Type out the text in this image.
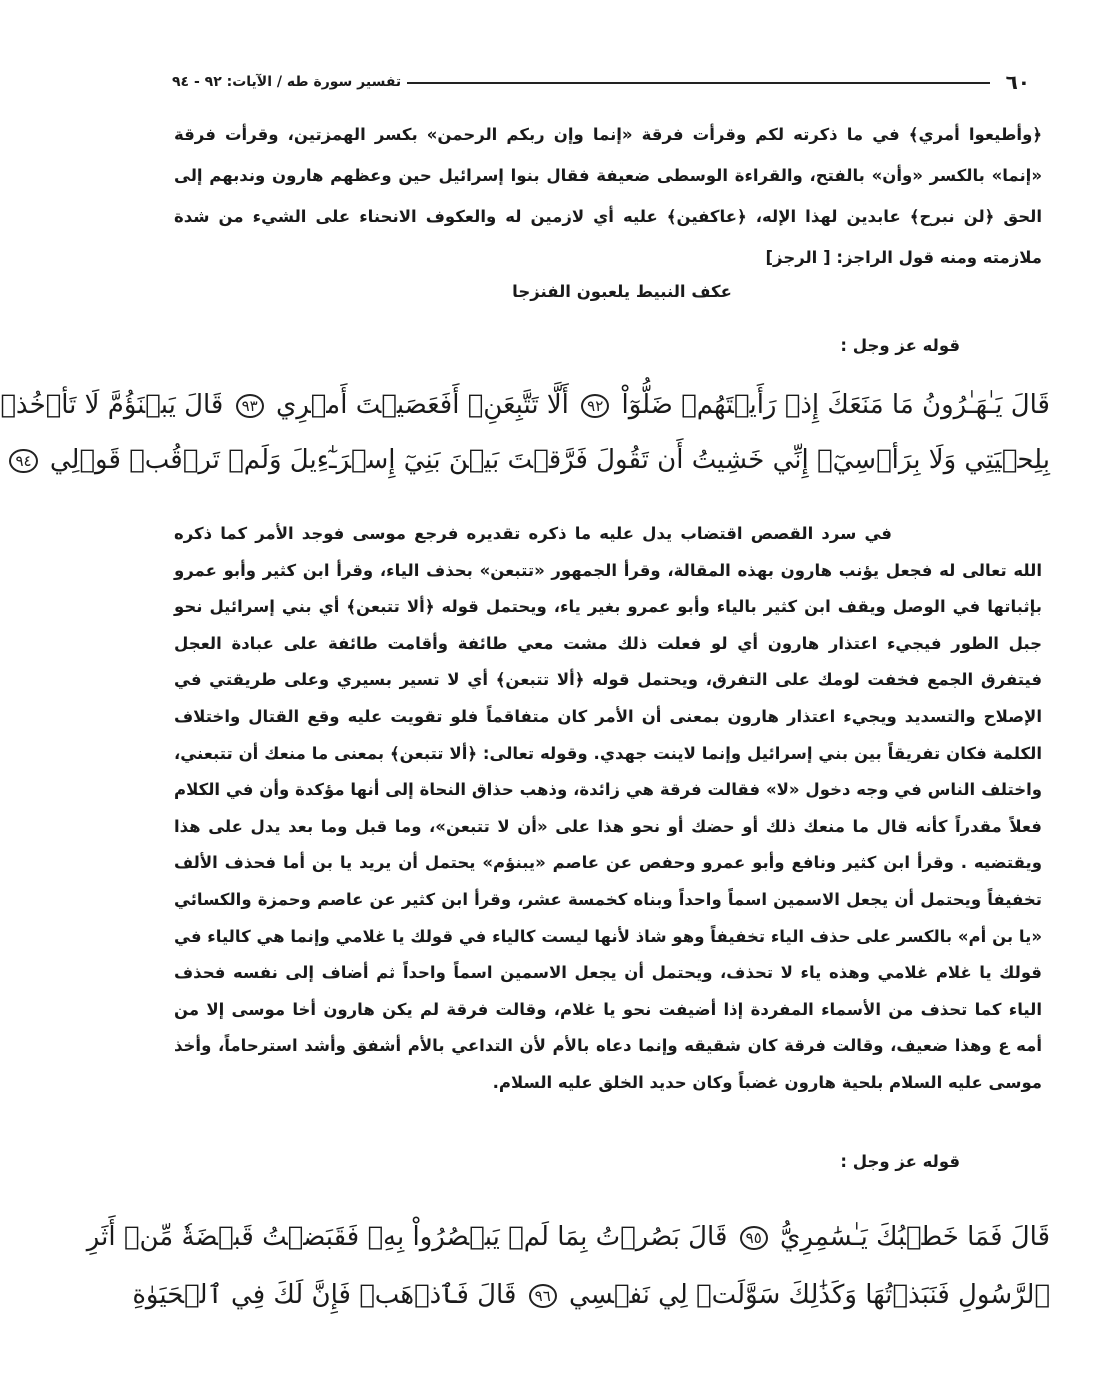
٦٠
تفسير سورة طه / الآيات: ٩٢ - ٩٤
﴿وأطيعوا أمري﴾ في ما ذكرته لكم وقرأت فرقة «إنما وإن ربكم الرحمن» بكسر الهمزتين، وقرأت فرقة «إنما» بالكسر «وأن» بالفتح، والقراءة الوسطى ضعيفة فقال بنوا إسرائيل حين وعظهم هارون وندبهم إلى الحق ﴿لن نبرح﴾ عابدين لهذا الإله، ﴿عاكفين﴾ عليه أي لازمين له والعكوف الانحناء على الشيء من شدة ملازمته ومنه قول الراجز: [ الرجز]
عكف النبيط يلعبون الفنزجا
قوله عز وجل :
قَالَ يَـٰهَـٰرُونُ مَا مَنَعَكَ إِذۡ رَأَيۡتَهُمۡ ضَلُّوٓاْ ٩٢ أَلَّا تَتَّبِعَنِۖ أَفَعَصَيۡتَ أَمۡرِي ٩٣ قَالَ يَبۡنَؤُمَّ لَا تَأۡخُذۡ
بِلِحۡيَتِي وَلَا بِرَأۡسِيٓۖ إِنِّي خَشِيتُ أَن تَقُولَ فَرَّقۡتَ بَيۡنَ بَنِيٓ إِسۡرَـٰٓءِيلَ وَلَمۡ تَرۡقُبۡ قَوۡلِي ٩٤
في سرد القصص اقتضاب يدل عليه ما ذكره تقديره فرجع موسى فوجد الأمر كما ذكره الله تعالى له فجعل يؤنب هارون بهذه المقالة، وقرأ الجمهور «تتبعن» بحذف الياء، وقرأ ابن كثير وأبو عمرو بإثباتها في الوصل ويقف ابن كثير بالياء وأبو عمرو بغير ياء، ويحتمل قوله ﴿ألا تتبعن﴾ أي بني إسرائيل نحو جبل الطور فيجيء اعتذار هارون أي لو فعلت ذلك مشت معي طائفة وأقامت طائفة على عبادة العجل فيتفرق الجمع فخفت لومك على التفرق، ويحتمل قوله ﴿ألا تتبعن﴾ أي لا تسير بسيري وعلى طريقتي في الإصلاح والتسديد ويجيء اعتذار هارون بمعنى أن الأمر كان متفاقماً فلو تقويت عليه وقع القتال واختلاف الكلمة فكان تفريقاً بين بني إسرائيل وإنما لاينت جهدي. وقوله تعالى: ﴿ألا تتبعن﴾ بمعنى ما منعك أن تتبعني، واختلف الناس في وجه دخول «لا» فقالت فرقة هي زائدة، وذهب حذاق النحاة إلى أنها مؤكدة وأن في الكلام فعلاً مقدراً كأنه قال ما منعك ذلك أو حضك أو نحو هذا على «أن لا تتبعن»، وما قبل وما بعد يدل على هذا ويقتضيه . وقرأ ابن كثير ونافع وأبو عمرو وحفص عن عاصم «يبنؤم» يحتمل أن يريد يا بن أما فحذف الألف تخفيفاً ويحتمل أن يجعل الاسمين اسماً واحداً وبناه كخمسة عشر، وقرأ ابن كثير عن عاصم وحمزة والكسائي «يا بن أم» بالكسر على حذف الياء تخفيفاً وهو شاذ لأنها ليست كالياء في قولك يا غلامي وإنما هي كالياء في قولك يا غلام غلامي وهذه ياء لا تحذف، ويحتمل أن يجعل الاسمين اسماً واحداً ثم أضاف إلى نفسه فحذف الياء كما تحذف من الأسماء المفردة إذا أضيفت نحو يا غلام، وقالت فرقة لم يكن هارون أخا موسى إلا من أمه ع وهذا ضعيف، وقالت فرقة كان شقيقه وإنما دعاه بالأم لأن التداعي بالأم أشفق وأشد استرحاماً، وأخذ موسى عليه السلام بلحية هارون غضباً وكان حديد الخلق عليه السلام.
قوله عز وجل :
قَالَ فَمَا خَطۡبُكَ يَـٰسَٰمِرِيُّ ٩٥ قَالَ بَصُرۡتُ بِمَا لَمۡ يَبۡصُرُواْ بِهِۦ فَقَبَضۡتُ قَبۡضَةٗ مِّنۡ أَثَرِ
ٱلرَّسُولِ فَنَبَذۡتُهَا وَكَذَٰلِكَ سَوَّلَتۡ لِي نَفۡسِي ٩٦ قَالَ فَٱذۡهَبۡ فَإِنَّ لَكَ فِي ٱلۡحَيَوٰةِ
